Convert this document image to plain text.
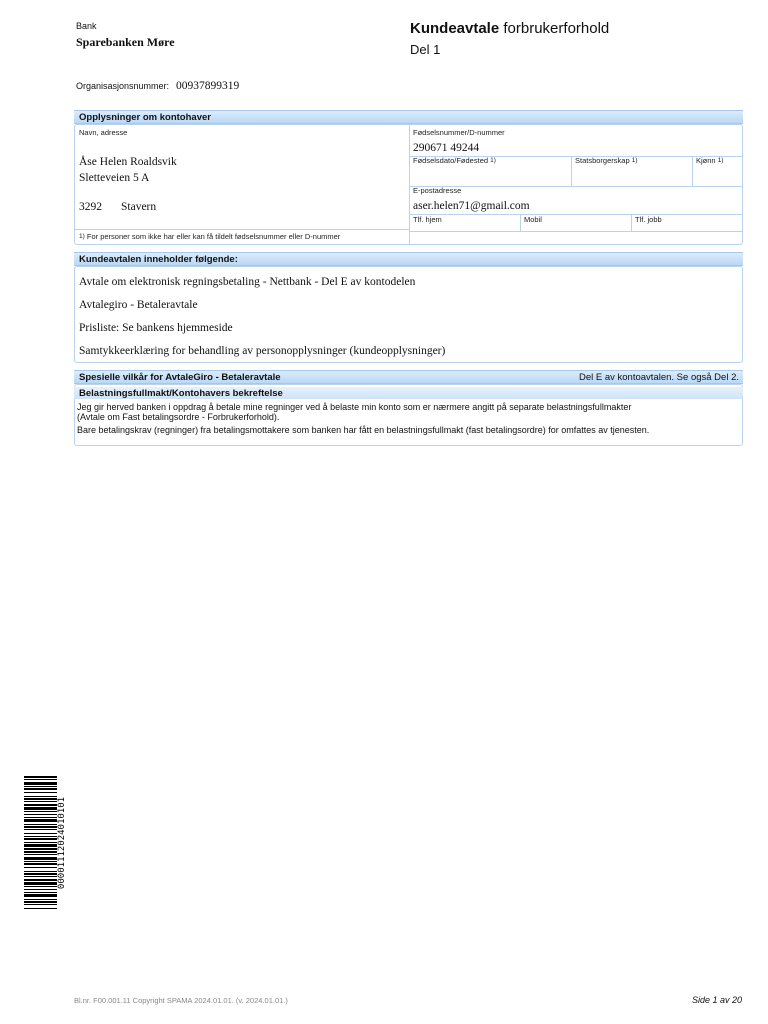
Bank
Sparebanken Møre
Kundeavtale forbrukerforhold
Del 1
Organisasjonsnummer: 00937899319
Opplysninger om kontohaver
Navn, adresse
Åse Helen Roaldsvik
Sletteveien 5 A
3292 Stavern
1) For personer som ikke har eller kan få tildelt fødselsnummer eller D-nummer
Fødselsnummer/D-nummer
290671 49244
Fødselsdato/Fødested 1)	Statsborgerskap 1)	Kjønn 1)
E-postadresse
aser.helen71@gmail.com
Tlf. hjem	Mobil	Tlf. jobb
Kundeavtalen inneholder følgende:
Avtale om elektronisk regningsbetaling - Nettbank - Del E av kontodelen
Avtalegiro - Betaleravtale
Prisliste: Se bankens hjemmeside
Samtykkeerklæring for behandling av personopplysninger (kundeopplysninger)
Spesielle vilkår for AvtaleGiro - Betaleravtale	Del E av kontoavtalen. Se også Del 2.
Belastningsfullmakt/Kontohavers bekreftelse
Jeg gir herved banken i oppdrag å betale mine regninger ved å belaste min konto som er nærmere angitt på separate belastningsfullmakter
(Avtale om Fast betalingsordre - Forbrukerforhold).
Bare betalingskrav (regninger) fra betalingsmottakere som banken har fått en belastningsfullmakt (fast betalingsordre) for omfattes av tjenesten.
00001112024010101
Bl.nr. F00.001.11 Copyright SPAMA 2024.01.01. (v. 2024.01.01.)	Side 1 av 20
